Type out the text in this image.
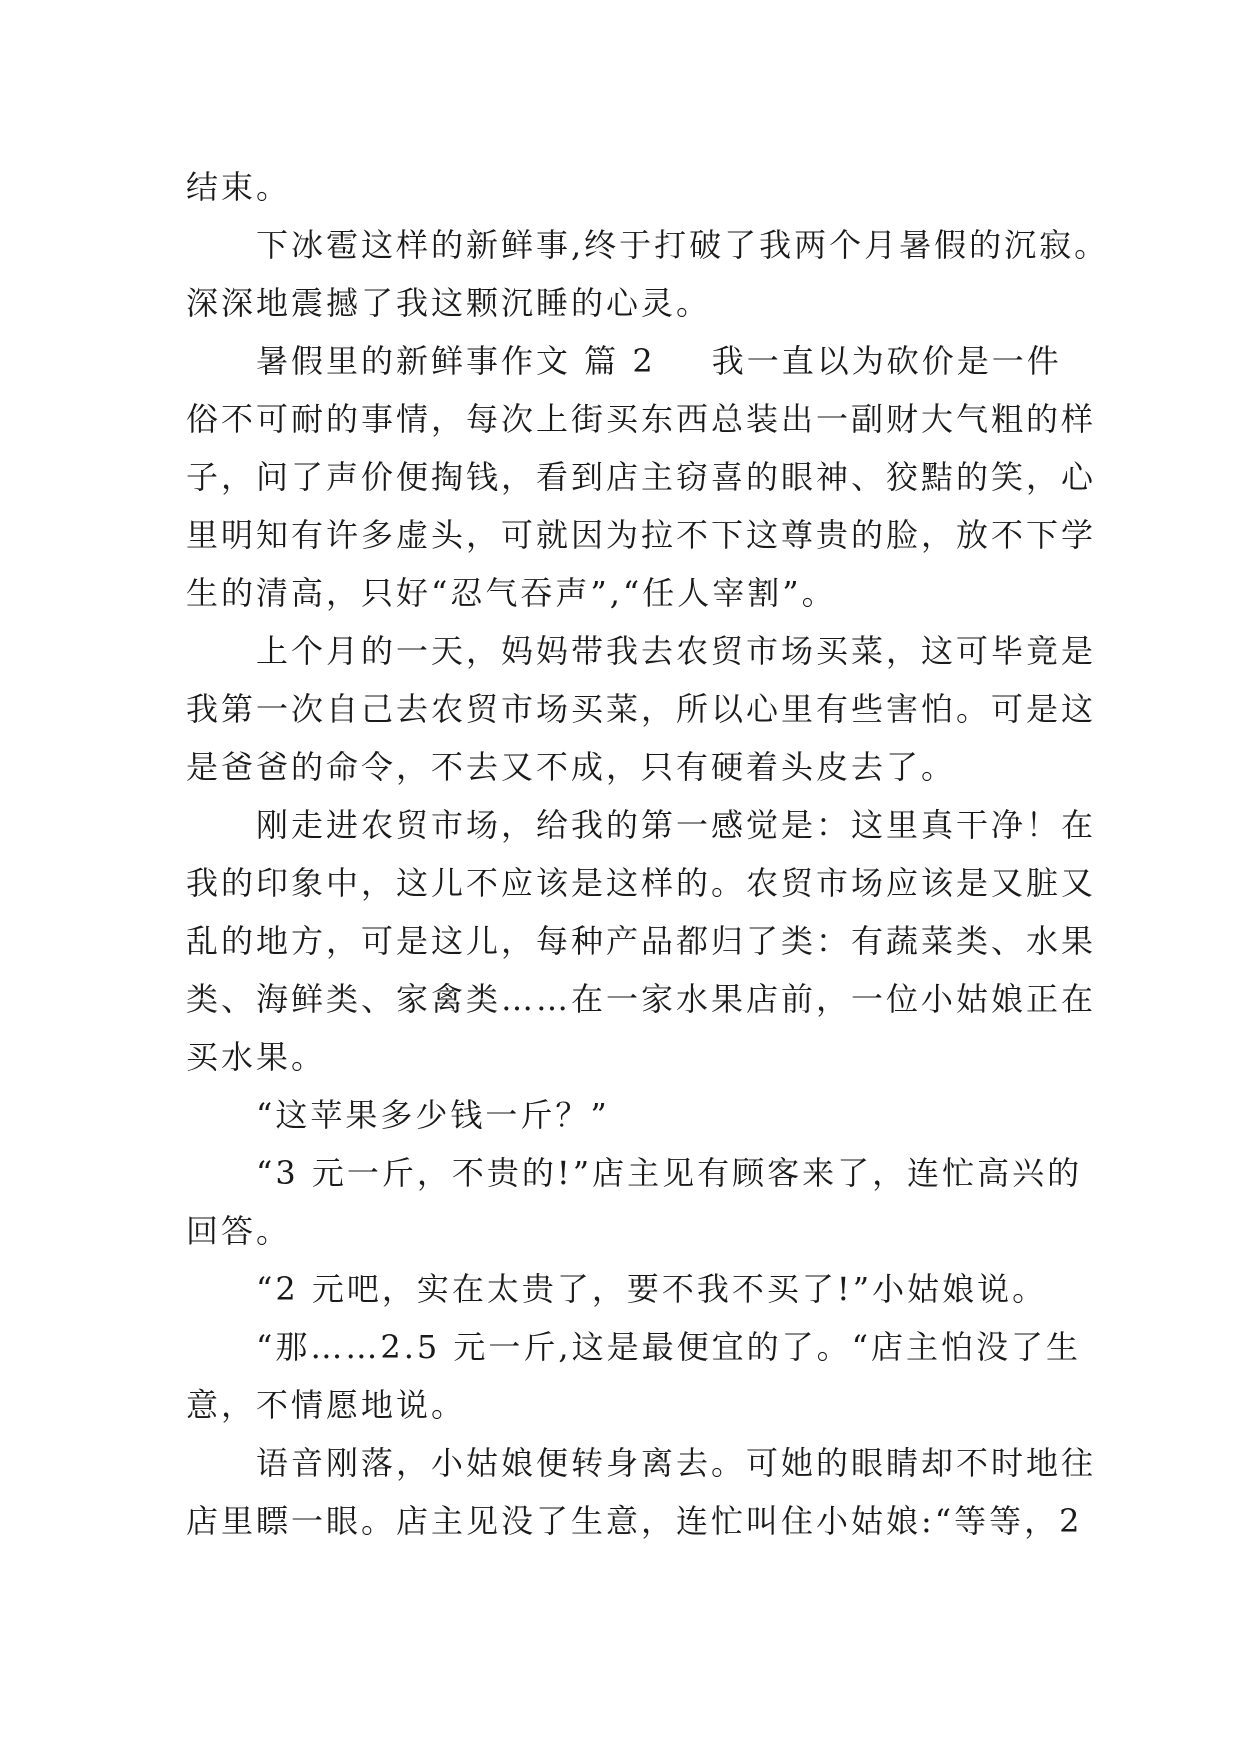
结束。
下冰雹这样的新鲜事,终于打破了我两个月暑假的沉寂。
深深地震撼了我这颗沉睡的心灵。
暑假里的新鲜事作文 篇 2 我一直以为砍价是一件
俗不可耐的事情，每次上街买东西总装出一副财大气粗的样
子，问了声价便掏钱，看到店主窃喜的眼神、狡黠的笑，心
里明知有许多虚头，可就因为拉不下这尊贵的脸，放不下学
生的清高，只好“忍气吞声”,“任人宰割”。
上个月的一天，妈妈带我去农贸市场买菜，这可毕竟是
我第一次自己去农贸市场买菜，所以心里有些害怕。可是这
是爸爸的命令，不去又不成，只有硬着头皮去了。
刚走进农贸市场，给我的第一感觉是：这里真干净！在
我的印象中，这儿不应该是这样的。农贸市场应该是又脏又
乱的地方，可是这儿，每种产品都归了类：有蔬菜类、水果
类、海鲜类、家禽类……在一家水果店前，一位小姑娘正在
买水果。
“这苹果多少钱一斤？”
“3 元一斤，不贵的!”店主见有顾客来了，连忙高兴的
回答。
“2 元吧，实在太贵了，要不我不买了!”小姑娘说。
“那……2.5 元一斤,这是最便宜的了。“店主怕没了生
意，不情愿地说。
语音刚落，小姑娘便转身离去。可她的眼睛却不时地往
店里瞟一眼。店主见没了生意，连忙叫住小姑娘:“等等，2
